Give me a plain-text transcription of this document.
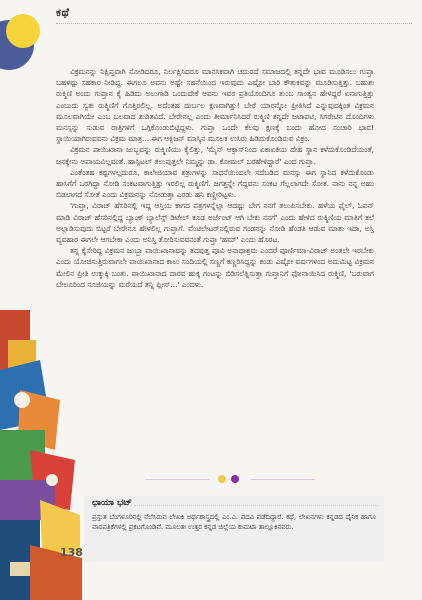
ಕಥೆ

ವಿಕ್ರಮನನ್ನು ನಿಕ್ಷಿಪ್ತವಾಗಿ ನೋಡಿದರೂ, ನಿರ್ಲಕ್ಷಿಸಿದರೂ ಮಾನಸಿಕವಾಗಿ ಚದುರದೆ ಸಮಾಜದಲ್ಲಿ ತನ್ನದೇ ಭಾವ ಮೂಡಿಸಲು ಗುಪ್ತಾ ಬಹಳಷ್ಟು ಸಹಕಾರ ನೀಡಿದ್ದ. ಈಗಲೂ ಅವನು ಅಷ್ಟೇ ಸಹನೆಯಿಂದ ಇರುವುದು ಎಷ್ಟೋ ಬಾರಿ ಕೌತುಕವನ್ನು ಮೂಡಿಸುತ್ತಿತ್ತು. ಬಹುಶಃ ರುಕ್ಮಿಣಿ ಅಂದು ಗುಪ್ತಾನ ಕೈ ಹಿಡಿದು ಅಲುಗಾಡಿ ಒಂದುದೇಕೆ ಅವನು ಇವರ ಪ್ರತಿಯೊಂದಿಗೂ ತುಂಬ ಸಾಂತ್ವನ ಹೇಳಿದ್ದರೆ ಏನಾಗುತ್ತಿತ್ತು ಎಂಬುದು ಸ್ವತಃ ರುಕ್ಮಿಣಿಗೆ ಗೊತ್ತಿರಲಿಲ್ಲ. ಅದೆಂತಹ ದುರ್ಬಲ ಕ್ಷಣವಾಗಿತ್ತು! ಬೇರೆ ಯಾರನ್ನೋ ಪ್ರೀತಿಸಿದೆ ಎನ್ನುವುದಕ್ಕಿಂತ ವಿಕ್ರಮನ ಮೂಲವಾಗಿಯೇ ಎಂಬ ಬಲವಾದ ತುಡಿತವಿದೆ. ಬೇರೇನಲ್ಲ ಎಂದು ತೀರ್ಮಾನಿಸಿದರೆ ರುಕ್ಮಿಣಿ ತನ್ನದೇ ಜಟಾಪಟಿ, ಸಿಗರೇಟಿನ ದೊಂದಿಗಳು ಮನಸ್ಸನ್ನು ಸುಡುವ ರಾತ್ರಿಗಳಿಗೆ ಒಗ್ಗಿಕೊಂಡುಬಿಟ್ಟಿದ್ದಳು. ಗುಪ್ತಾ ಒಂದೇ ಕೆಲವು ಕ್ಷಣಕ್ಕೆ ಬಂದು ಹೋದ ಸಂಚಾರಿ ಭಾವ! ಸ್ಥಾಯಿಯಾಗಿರುವವನು ವಿಕ್ರಮ ಮಾತ್ರ... ಈಗ ಆಕ್ಸಿಜನ್ ಮಾಸ್ಕಿನ ಮೂಲಕ ಉಸಿರು ಹಿಡಿದುಕೊಂಡಿರುವ ವಿಕ್ರಂ.

ವಿಕ್ರಮನ ಪಾಯಿಖಾನಾ ಜುಬ್ಬವನ್ನು ರುಕ್ಮಿಣಿಯು ಕೈಲಿತ್ತು, 'ಮೈನ್ ಆಕ್ಸಾಸ್‌ನಿಂದ ಏಕಾಏಕಿಯ ದೇಹ ಸ್ಥಾನ ಕಳೆದುಕೊಂಡಿದೆಯಂತೆ, ಜನಕ್ಕೇನು ಅಪಾಯವಿಲ್ಲವಂತೆ. ಹಾಸ್ಪಿಟಲ್ ತಲುಪುತ್ತಲೇ ನಿಮ್ಮನ್ನು ಡಾ. ಕೋಮಲ್ ಬರಹೇಳಿದ್ದಾರೆ' ಎಂದ ಗುಪ್ತಾ.

ಎಂತೆಂತಹ ಕಷ್ಟಗಳಲ್ಲದುರೂ, ಕಾಲೇಜಿಯಾವ ಶತ್ರುಗಳನ್ನು ಸಾಧನೆಯಿಂದಲೇ ಸದೆಬಡಿದ ಮನಸ್ಸು ಈಗ ಸ್ಥಾನಿದ ಕಳೆದುಕೊಂಡು ಹಾಸಿಗೆಗೆ ಒರಗಿದ್ದಾ ನೋಡಿ ಸಂಕಟವಾಗುತ್ತಿತ್ತು ಇರಲಿಲ್ಲ ರುಕ್ಮಿಣಿಗೆ. ಜಗತ್ತನ್ನೇ ಗೆದ್ದವನು ಸಂಕಟ ಗೆಲ್ಲಲಾಗದೇ ಸೋತ. ನಾನು ನನ್ನ ಅಹಂ ಬಿಡಲಾಗದೆ ಸೋತೆ ಎಂದು ವಿಕ್ರಮನನ್ನು ನೋಡುತ್ತಾ ಎರಡು ಹನಿ ಕಣ್ಣೀರಿಟ್ಟಳು.

'ಗುಪ್ತಾ, ವಿರಾಜ್ ಹೆಸರಿನಲ್ಲಿ ಇದ್ದ ಆಸ್ತಿಯ ಕಾಗದ ಪತ್ರಗಳನ್ನೆಲ್ಲಾ ಆದಷ್ಟು ಬೇಗ ನನಗೆ ತಲುಪಿಸಬೇಕು. ಹಳೆಯ ಫೈಲ್, ಓಪನ್ ಮಾಡಿ ವಿರಾಜ್ ಹೆಸರಿನಲ್ಲಿದ್ದ ಬ್ಯಾಂಕ್ ಬ್ಯಾಲೆನ್ಸ್ ಡಿಟೇಲ್ ಕೂಡ ಅರ್ಜೆಂಟ್ ಆಗಿ ಬೇಕು ನನಗೆ' ಎಂದು ಹೇಳಿದ ರುಕ್ಮಿಣಿಯ ಮಾತಿಗೆ ತಲೆ ಅಲ್ಲಾಡಿಸುವುದು ಬಿಟ್ಟರೆ ಬೇರೇನೂ ಹೇಳಲಿಲ್ಲ ಗುಪ್ತಾಗೆ. ವೆಂಟಿಲೇಟರ್‌ನಲ್ಲಿರುವ ಗಂಡನನ್ನು ನೋಡಿ ಹೆಂಡತಿ ಆಡುವ ಮಾತು ಇದಾ, ಅಸ್ತಿ ವ್ಯವಹಾರ ಈಗಲೇ ಆಗಬೇಕಾ ಎಂದು ಅನಿಸ್ತಿ ತೋರಿಸುವವನಂತೆ ಗುಪ್ತಾ 'ಹಮ್' ಎಂದು ಹೊರಟ.

ತನ್ನ ಕೈಸೇರಿದ್ದ ವಿಕ್ರಮನ ಜುಬ್ಬಾ ಪಾಯಿಖಾನಾವನ್ನು ತದವುತ್ತ ಪೂವಿ ಅನಾಥಾಶ್ರಮ ಎಂದರೆ ಪೂರ್ಣಿಮಾ-ವಿರಾಜ್ ಅಂತಲೇ ಇರಬೇಕು ಎಂದು ಯೋಚಿಸುತ್ತಿರುವಾಗಲೇ ಪಾಯಿಖಾನಾದ ಕಾಲು ಸಂದಿಯಲ್ಲಿ ಸಣ್ಣಗೆ ಕಣ್ಣರಿಸಿದ್ದನ್ನು ಕಂಡು ಎಷ್ಟೋ ವರ್ಷಗಳಿಂದ ಅದುಮಿಟ್ಟ ವಿಕ್ರಮನ ಮೇಲಿನ ಪ್ರೀತಿ ಉಕ್ಕುಕ್ಕಿ ಬಂತು. ಪಾಯಿಖಾನಾದ ದಾರವ ಹುಕ್ಕ ಗಂಟನ್ನು ಬಿಡಿಸಲೆತ್ನಿಸುತ್ತಾ ಗುಪ್ತಾನಿಗೆ ಫೋನಾಯಿಸಿದ ರುಕ್ಮಿಣಿ, 'ಬರುವಾಗ ಬೇಲೂರಿಂದ ಸೂಜಿಯನ್ನು ಮರೆಯದೆ ತನ್ನಿ ಪ್ಲೀಸ್...' ಎಂದಳು.

ಛಾಯಾ ಭಟ್
ಪ್ರಸ್ತುತ ಬೆಂಗಳೂರಿನಲ್ಲಿ ನೆಲೆಸಿರುವ ಲೇಖಕಿ ಅರ್ಥಶಾಸ್ತ್ರದಲ್ಲಿ ಎಂ.ಎ. ಪದವಿ ಪಡೆದಿದ್ದಾರೆ. ಕಥೆ, ಲೇಖನಗಳು ಕನ್ನಡದ ದೈನಿಕ ಹಾಗೂ ವಾರಪತ್ರಿಕೆಗಳಲ್ಲಿ ಪ್ರಕಟಗೊಂಡಿವೆ. ಮೂಲತಃ ಉತ್ತರ ಕನ್ನಡ ಜಿಲ್ಲೆಯ ಕುಮಟಾ ತಾಲ್ಲೂಕಿನವರು.
138
